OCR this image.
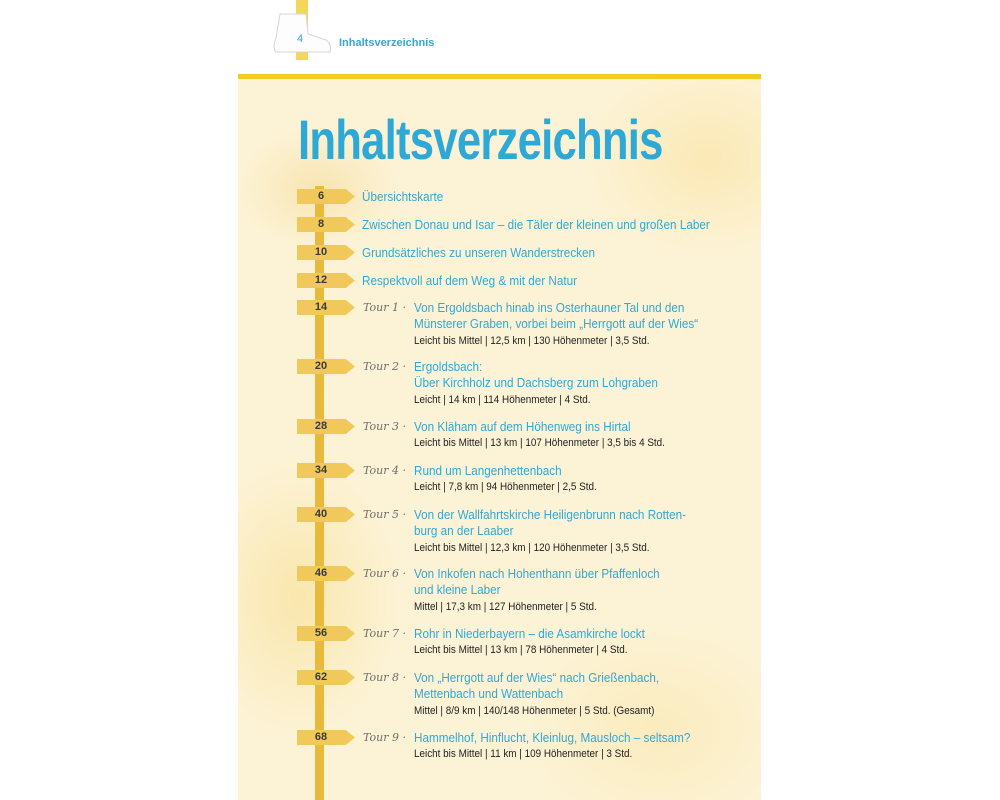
4	Inhaltsverzeichnis
Inhaltsverzeichnis
6	Übersichtskarte
8	Zwischen Donau und Isar – die Täler der kleinen und großen Laber
10	Grundsätzliches zu unseren Wanderstrecken
12	Respektvoll auf dem Weg & mit der Natur
14	Tour 1 · Von Ergoldsbach hinab ins Osterhauner Tal und den
Münsterer Graben, vorbei beim „Herrgott auf der Wies“
Leicht bis Mittel | 12,5 km | 130 Höhenmeter | 3,5 Std.
20	Tour 2 · Ergoldsbach:
Über Kirchholz und Dachsberg zum Lohgraben
Leicht | 14 km | 114 Höhenmeter | 4 Std.
28	Tour 3 · Von Kläham auf dem Höhenweg ins Hirtal
Leicht bis Mittel | 13 km | 107 Höhenmeter | 3,5 bis 4 Std.
34	Tour 4 · Rund um Langenhettenbach
Leicht | 7,8 km | 94 Höhenmeter | 2,5 Std.
40	Tour 5 · Von der Wallfahrtskirche Heiligenbrunn nach Rotten-
burg an der Laaber
Leicht bis Mittel | 12,3 km | 120 Höhenmeter | 3,5 Std.
46	Tour 6 · Von Inkofen nach Hohenthann über Pfaffenloch
und kleine Laber
Mittel | 17,3 km | 127 Höhenmeter | 5 Std.
56	Tour 7 · Rohr in Niederbayern – die Asamkirche lockt
Leicht bis Mittel | 13 km | 78 Höhenmeter | 4 Std.
62	Tour 8 · Von „Herrgott auf der Wies“ nach Grießenbach,
Mettenbach und Wattenbach
Mittel | 8/9 km | 140/148 Höhenmeter | 5 Std. (Gesamt)
68	Tour 9 · Hammelhof, Hinflucht, Kleinlug, Mausloch – seltsam?
Leicht bis Mittel | 11 km | 109 Höhenmeter | 3 Std.
